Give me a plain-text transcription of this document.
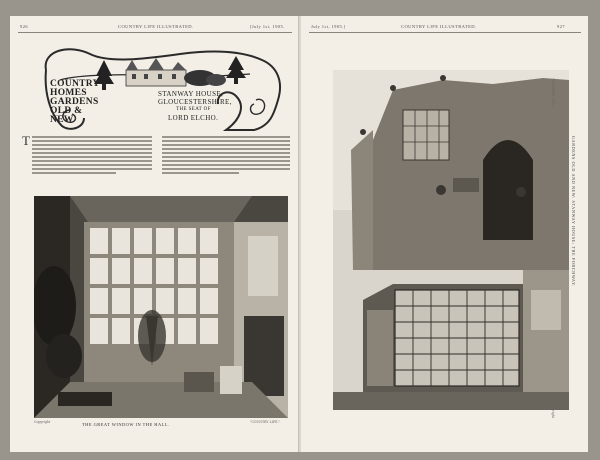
926	COUNTRY LIFE ILLUSTRATED.	[July 1st, 1905.
COUNTRY
HOMES
GARDENS
OLD & NEW
STANWAY HOUSE,
GLOUCESTERSHIRE,
THE SEAT OF
LORD ELCHO.
T
Copyright	THE GREAT WINDOW IN THE HALL.	"COUNTRY LIFE."
July 1st, 1905.]	COUNTRY LIFE ILLUSTRATED.	927
"COUNTRY LIFE."
Copyright
GARDENS OLD AND NEW: STANWAY HOUSE: THE PORCHWAY.
